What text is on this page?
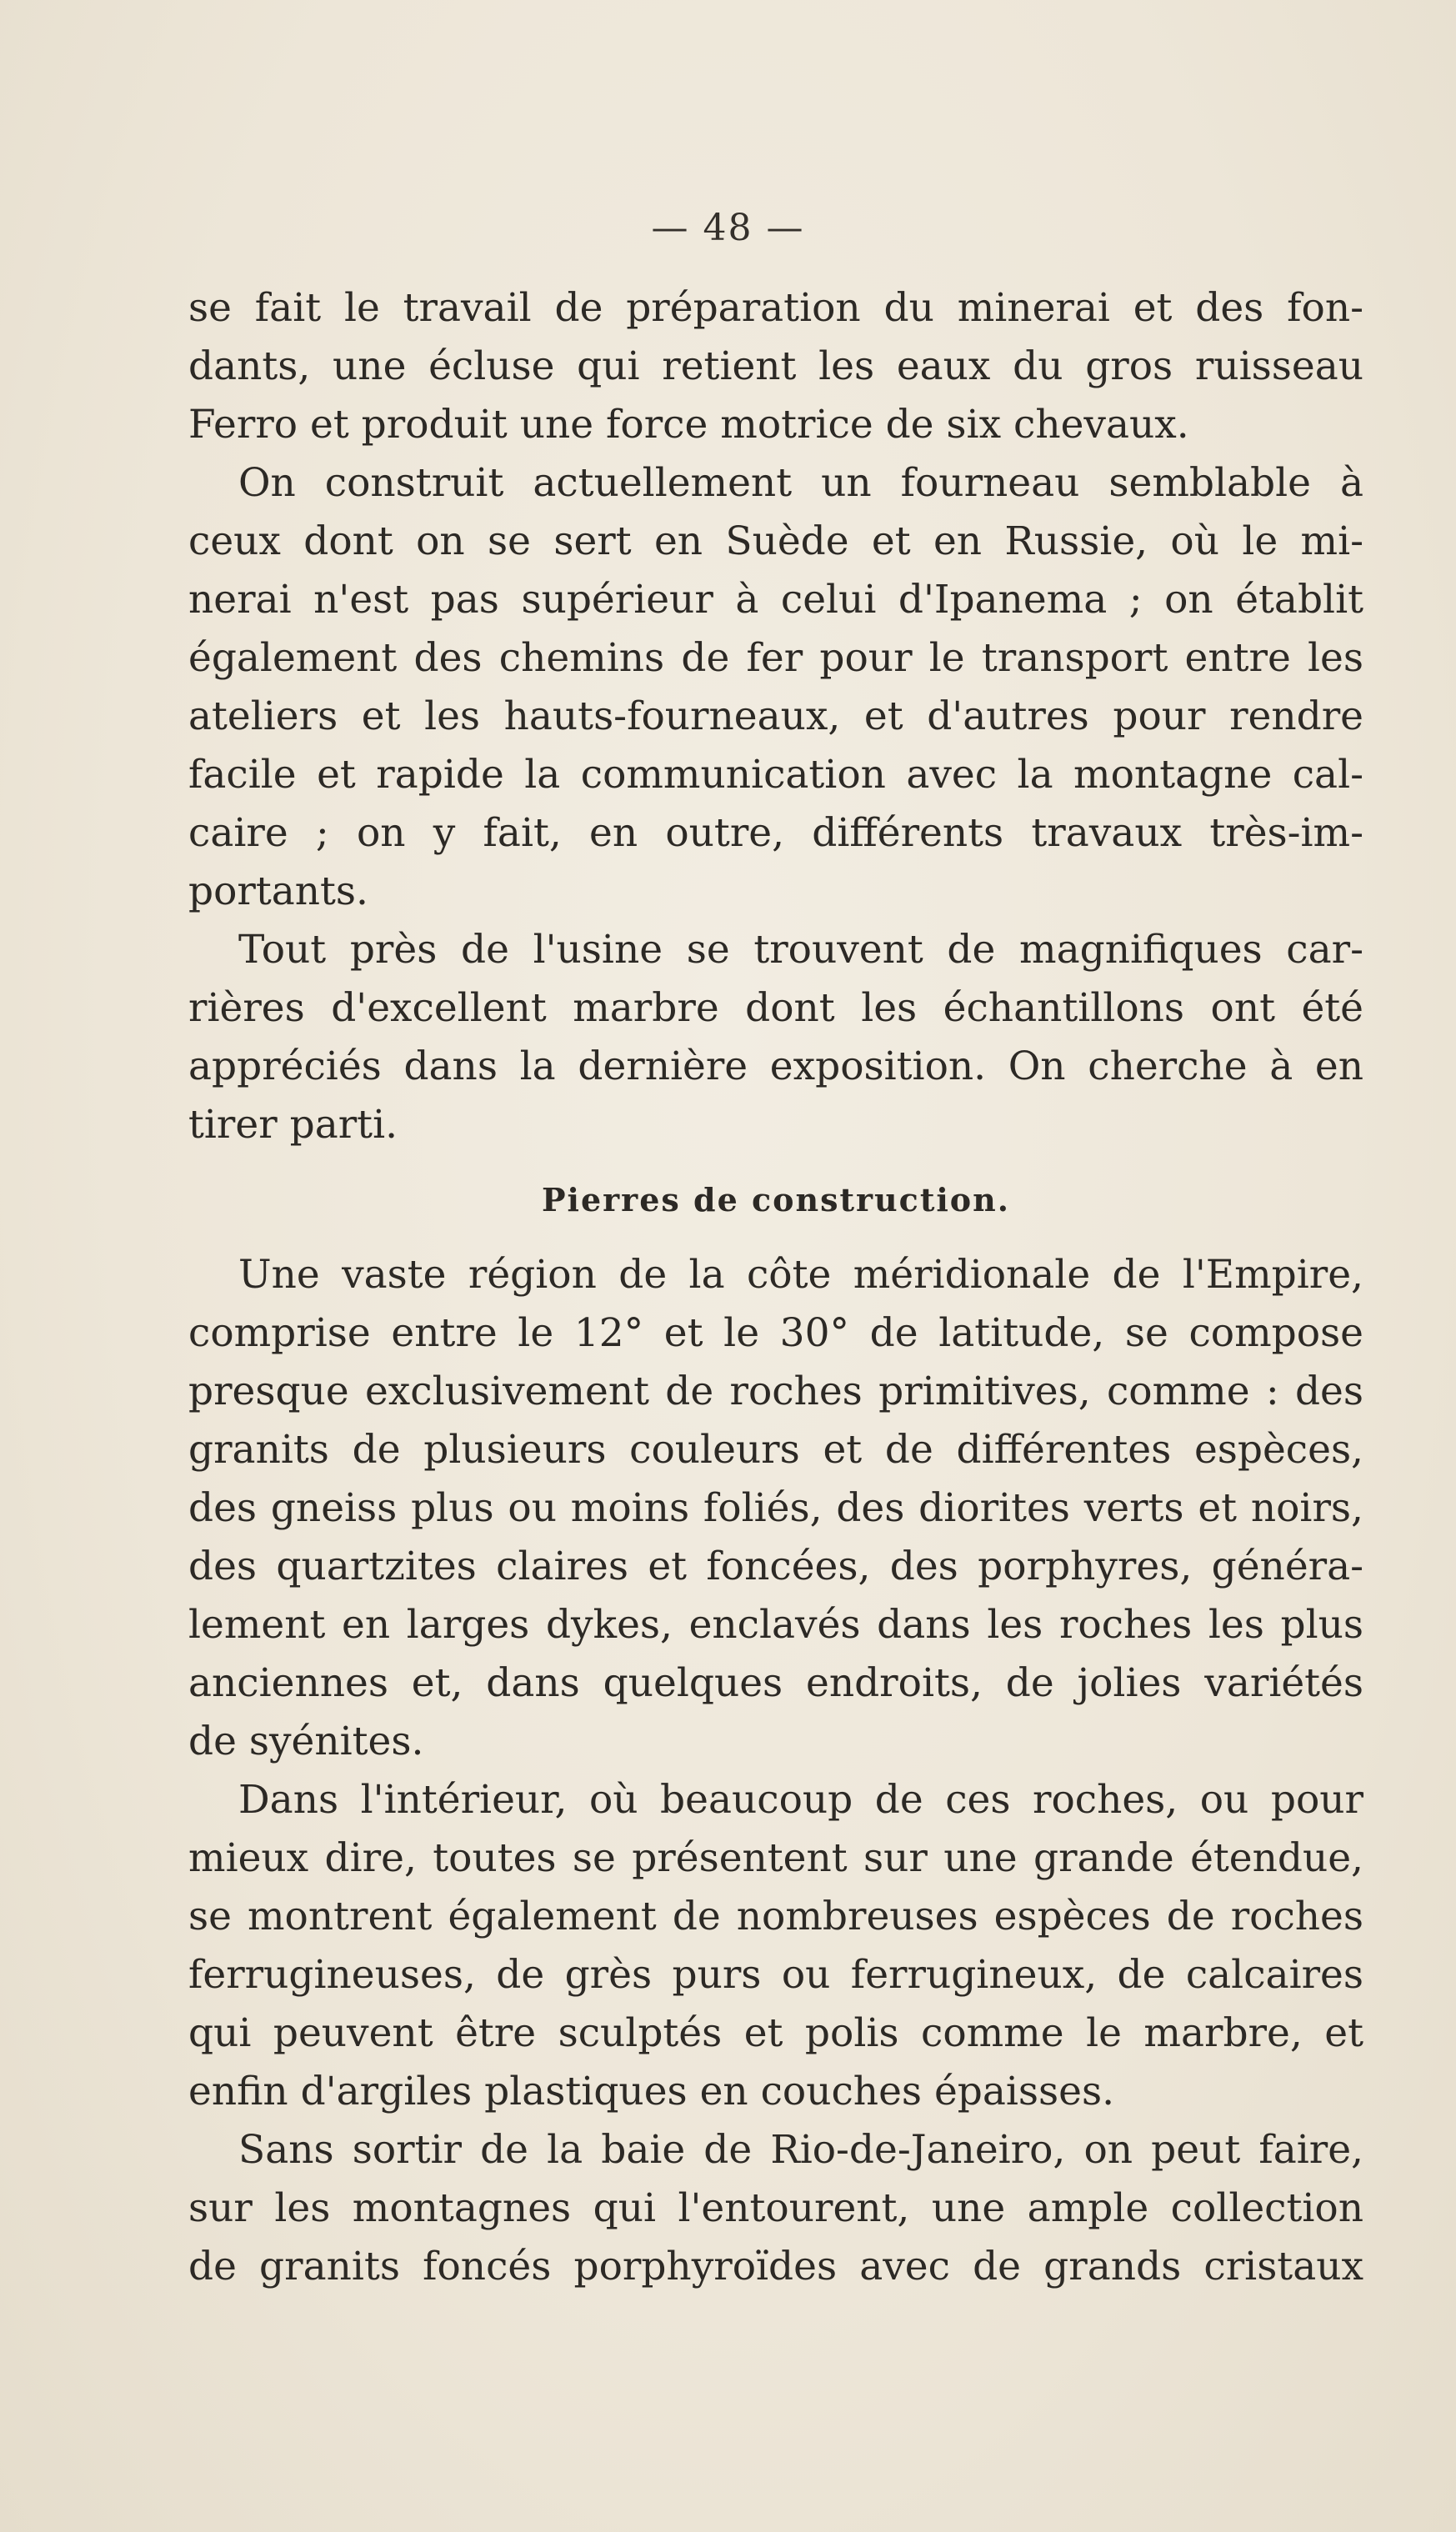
— 48 —
se fait le travail de préparation du minerai et des fon-
dants, une écluse qui retient les eaux du gros ruisseau
Ferro et produit une force motrice de six chevaux.
On construit actuellement un fourneau semblable à
ceux dont on se sert en Suède et en Russie, où le mi-
nerai n'est pas supérieur à celui d'Ipanema ; on établit
également des chemins de fer pour le transport entre les
ateliers et les hauts-fourneaux, et d'autres pour rendre
facile et rapide la communication avec la montagne cal-
caire ; on y fait, en outre, différents travaux très-im-
portants.
Tout près de l'usine se trouvent de magnifiques car-
rières d'excellent marbre dont les échantillons ont été
appréciés dans la dernière exposition. On cherche à en
tirer parti.
Pierres de construction.
Une vaste région de la côte méridionale de l'Empire,
comprise entre le 12° et le 30° de latitude, se compose
presque exclusivement de roches primitives, comme : des
granits de plusieurs couleurs et de différentes espèces,
des gneiss plus ou moins foliés, des diorites verts et noirs,
des quartzites claires et foncées, des porphyres, généra-
lement en larges dykes, enclavés dans les roches les plus
anciennes et, dans quelques endroits, de jolies variétés
de syénites.
Dans l'intérieur, où beaucoup de ces roches, ou pour
mieux dire, toutes se présentent sur une grande étendue,
se montrent également de nombreuses espèces de roches
ferrugineuses, de grès purs ou ferrugineux, de calcaires
qui peuvent être sculptés et polis comme le marbre, et
enfin d'argiles plastiques en couches épaisses.
Sans sortir de la baie de Rio-de-Janeiro, on peut faire,
sur les montagnes qui l'entourent, une ample collection
de granits foncés porphyroïdes avec de grands cristaux
